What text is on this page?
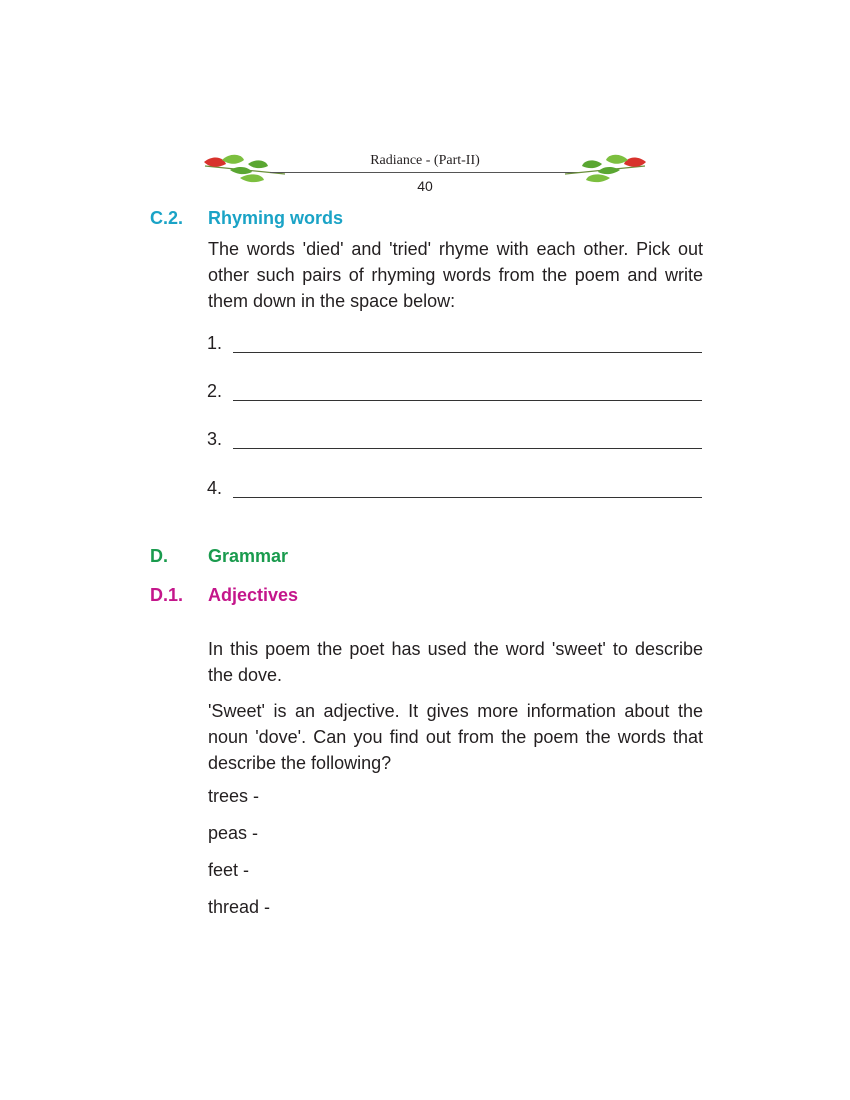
Radiance - (Part-II)
40
C.2. Rhyming words
The words 'died' and 'tried' rhyme with each other. Pick out other such pairs of rhyming words from the poem and write them down in the space below:
1.
2.
3.
4.
D. Grammar
D.1. Adjectives
In this poem the poet has used the word 'sweet' to describe the dove.
'Sweet' is an adjective. It gives more information about the noun 'dove'. Can you find out from the poem the words that describe the following?
trees -
peas -
feet -
thread -
